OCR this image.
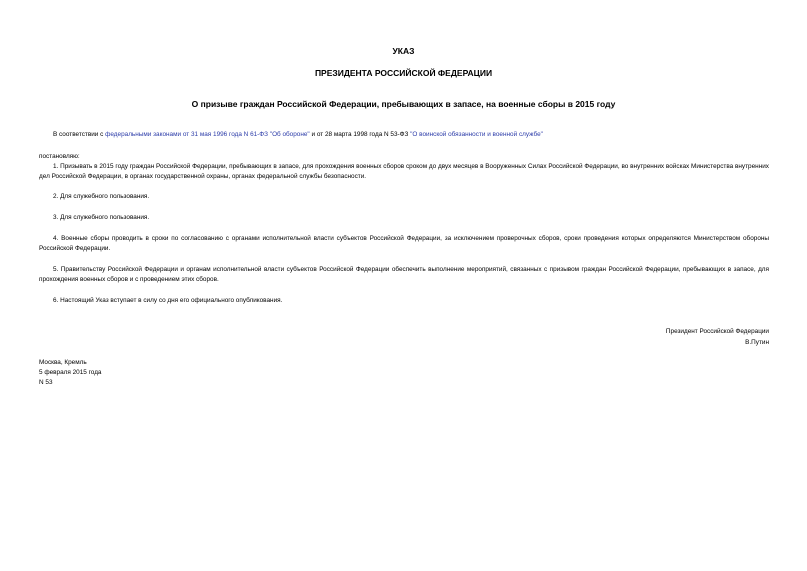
УКАЗ
ПРЕЗИДЕНТА РОССИЙСКОЙ ФЕДЕРАЦИИ
О призыве граждан Российской Федерации, пребывающих в запасе, на военные сборы в 2015 году
В соответствии с федеральными законами от 31 мая 1996 года N 61-ФЗ "Об обороне" и от 28 марта 1998 года N 53-ФЗ "О воинской обязанности и военной службе"
постановляю:
1. Призывать в 2015 году граждан Российской Федерации, пребывающих в запасе, для прохождения военных сборов сроком до двух месяцев в Вооруженных Силах Российской Федерации, во внутренних войсках Министерства внутренних дел Российской Федерации, в органах государственной охраны, органах федеральной службы безопасности.
2. Для служебного пользования.
3. Для служебного пользования.
4. Военные сборы проводить в сроки по согласованию с органами исполнительной власти субъектов Российской Федерации, за исключением проверочных сборов, сроки проведения которых определяются Министерством обороны Российской Федерации.
5. Правительству Российской Федерации и органам исполнительной власти субъектов Российской Федерации обеспечить выполнение мероприятий, связанных с призывом граждан Российской Федерации, пребывающих в запасе, для прохождения военных сборов и с проведением этих сборов.
6. Настоящий Указ вступает в силу со дня его официального опубликования.
Президент Российской Федерации
В.Путин
Москва, Кремль
5 февраля 2015 года
N 53
